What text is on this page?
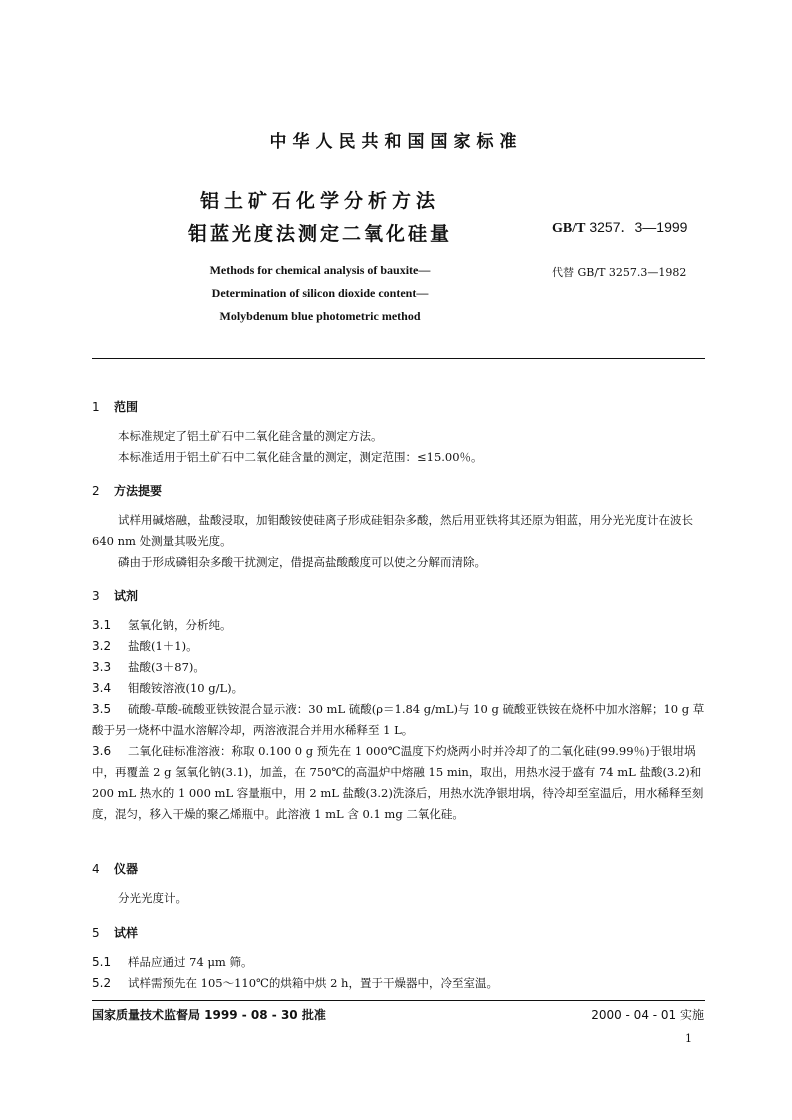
中华人民共和国国家标准
铝土矿石化学分析方法
钼蓝光度法测定二氧化硅量	GB/T 3257．3—1999
Methods for chemical analysis of bauxite—
Determination of silicon dioxide content—
Molybdenum blue photometric method
代替 GB/T 3257.3—1982
1 范围
本标准规定了铝土矿石中二氧化硅含量的测定方法。
本标准适用于铝土矿石中二氧化硅含量的测定，测定范围：≤15.00％。
2 方法提要
试样用碱熔融，盐酸浸取，加钼酸铵使硅离子形成硅钼杂多酸，然后用亚铁将其还原为钼蓝，用分光光度计在波长 640 nm 处测量其吸光度。
磷由于形成磷钼杂多酸干扰测定，借提高盐酸酸度可以使之分解而清除。
3 试剂
3.1 氢氧化钠，分析纯。
3.2 盐酸(1＋1)。
3.3 盐酸(3＋87)。
3.4 钼酸铵溶液(10 g/L)。
3.5 硫酸-草酸-硫酸亚铁铵混合显示液：30 mL 硫酸(ρ＝1.84 g/mL)与 10 g 硫酸亚铁铵在烧杯中加水溶解；10 g 草酸于另一烧杯中温水溶解冷却，两溶液混合并用水稀释至 1 L。
3.6 二氧化硅标准溶液：称取 0.100 0 g 预先在 1 000℃温度下灼烧两小时并冷却了的二氧化硅(99.99％)于银坩埚中，再覆盖 2 g 氢氧化钠(3.1)，加盖，在 750℃的高温炉中熔融 15 min，取出，用热水浸于盛有 74 mL 盐酸(3.2)和 200 mL 热水的 1 000 mL 容量瓶中，用 2 mL 盐酸(3.2)洗涤后，用热水洗净银坩埚，待冷却至室温后，用水稀释至刻度，混匀，移入干燥的聚乙烯瓶中。此溶液 1 mL 含 0.1 mg 二氧化硅。
4 仪器
分光光度计。
5 试样
5.1 样品应通过 74 μm 筛。
5.2 试样需预先在 105～110℃的烘箱中烘 2 h，置于干燥器中，冷至室温。
国家质量技术监督局 1999 - 08 - 30 批准	2000 - 04 - 01 实施
1
